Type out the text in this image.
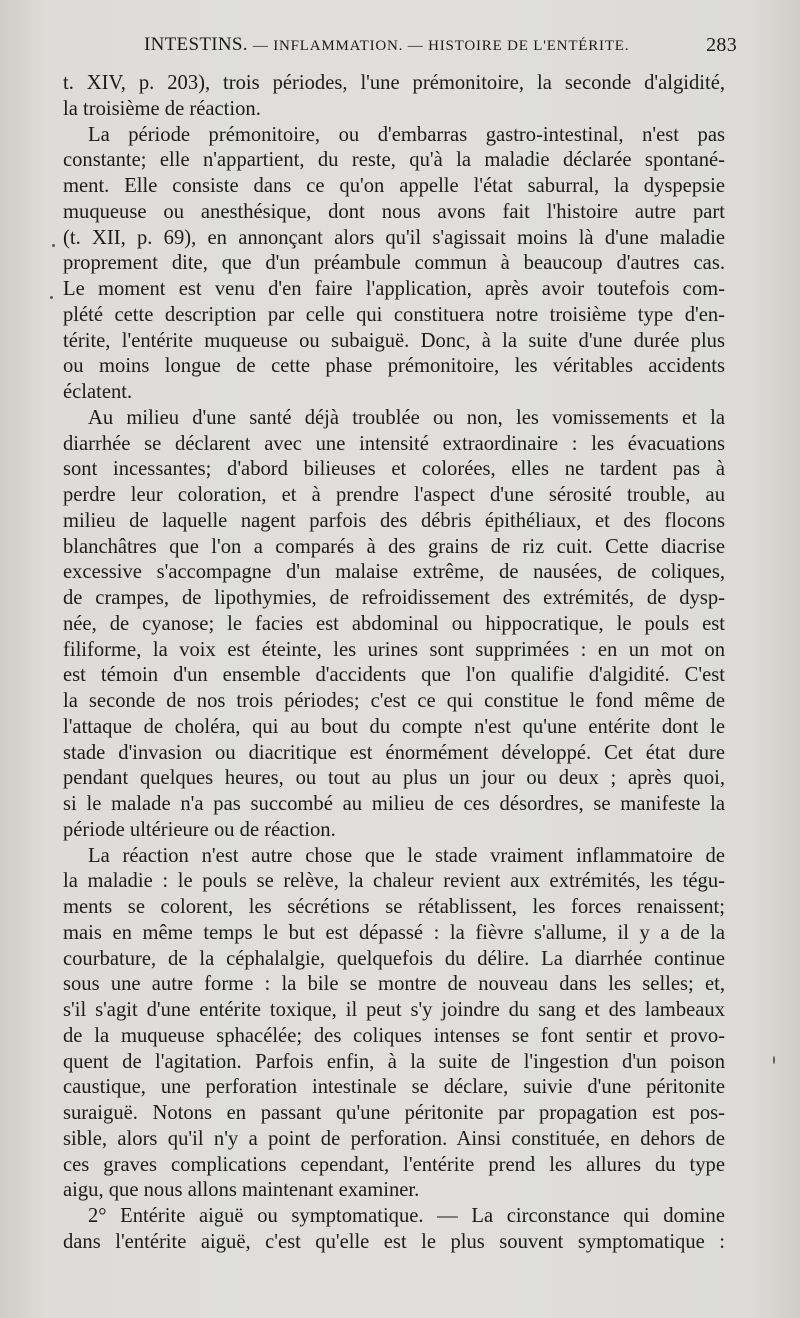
INTESTINS. — INFLAMMATION. — HISTOIRE DE L'ENTÉRITE.	283
t. XIV, p. 203), trois périodes, l'une prémonitoire, la seconde d'algidité,
la troisième de réaction.
La période prémonitoire, ou d'embarras gastro-intestinal, n'est pas
constante; elle n'appartient, du reste, qu'à la maladie déclarée spontané-
ment. Elle consiste dans ce qu'on appelle l'état saburral, la dyspepsie
muqueuse ou anesthésique, dont nous avons fait l'histoire autre part
(t. XII, p. 69), en annonçant alors qu'il s'agissait moins là d'une maladie
proprement dite, que d'un préambule commun à beaucoup d'autres cas.
Le moment est venu d'en faire l'application, après avoir toutefois com-
plété cette description par celle qui constituera notre troisième type d'en-
térite, l'entérite muqueuse ou subaiguë. Donc, à la suite d'une durée plus
ou moins longue de cette phase prémonitoire, les véritables accidents
éclatent.
Au milieu d'une santé déjà troublée ou non, les vomissements et la
diarrhée se déclarent avec une intensité extraordinaire : les évacuations
sont incessantes; d'abord bilieuses et colorées, elles ne tardent pas à
perdre leur coloration, et à prendre l'aspect d'une sérosité trouble, au
milieu de laquelle nagent parfois des débris épithéliaux, et des flocons
blanchâtres que l'on a comparés à des grains de riz cuit. Cette diacrise
excessive s'accompagne d'un malaise extrême, de nausées, de coliques,
de crampes, de lipothymies, de refroidissement des extrémités, de dysp-
née, de cyanose; le facies est abdominal ou hippocratique, le pouls est
filiforme, la voix est éteinte, les urines sont supprimées : en un mot on
est témoin d'un ensemble d'accidents que l'on qualifie d'algidité. C'est
la seconde de nos trois périodes; c'est ce qui constitue le fond même de
l'attaque de choléra, qui au bout du compte n'est qu'une entérite dont le
stade d'invasion ou diacritique est énormément développé. Cet état dure
pendant quelques heures, ou tout au plus un jour ou deux ; après quoi,
si le malade n'a pas succombé au milieu de ces désordres, se manifeste la
période ultérieure ou de réaction.
La réaction n'est autre chose que le stade vraiment inflammatoire de
la maladie : le pouls se relève, la chaleur revient aux extrémités, les tégu-
ments se colorent, les sécrétions se rétablissent, les forces renaissent;
mais en même temps le but est dépassé : la fièvre s'allume, il y a de la
courbature, de la céphalalgie, quelquefois du délire. La diarrhée continue
sous une autre forme : la bile se montre de nouveau dans les selles; et,
s'il s'agit d'une entérite toxique, il peut s'y joindre du sang et des lambeaux
de la muqueuse sphacélée; des coliques intenses se font sentir et provo-
quent de l'agitation. Parfois enfin, à la suite de l'ingestion d'un poison
caustique, une perforation intestinale se déclare, suivie d'une péritonite
suraiguë. Notons en passant qu'une péritonite par propagation est pos-
sible, alors qu'il n'y a point de perforation. Ainsi constituée, en dehors de
ces graves complications cependant, l'entérite prend les allures du type
aigu, que nous allons maintenant examiner.
2° Entérite aiguë ou symptomatique. — La circonstance qui domine
dans l'entérite aiguë, c'est qu'elle est le plus souvent symptomatique :
